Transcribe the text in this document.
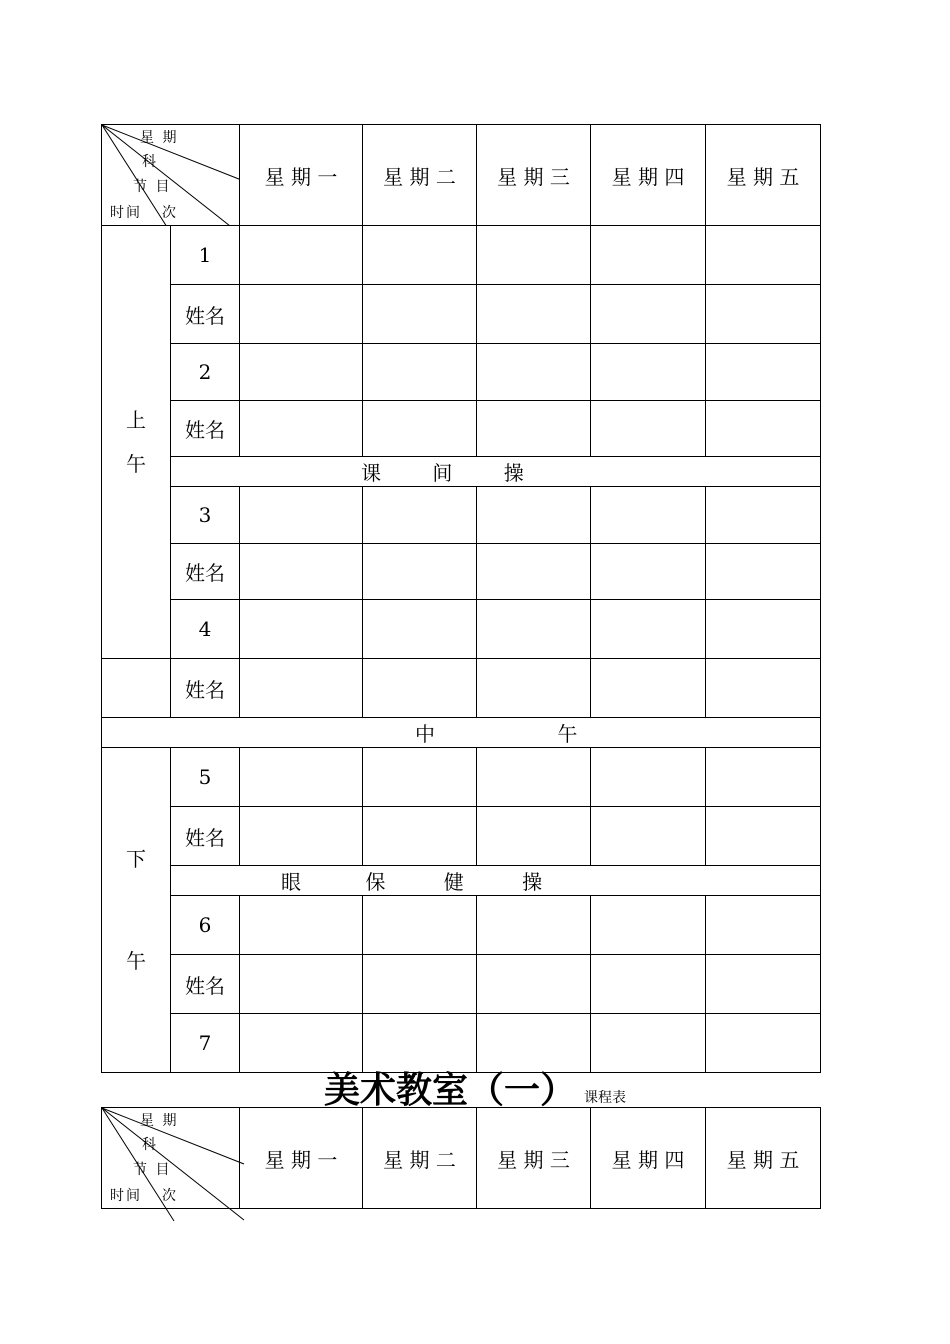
星 期
科
节 目
时间 次		星 期 一	星 期 二	星 期 三	星 期 四	星 期 五
上

午	1					
	姓名					
	2					
	姓名					
	课 间 操					
	3					
	姓名					
	4					
	姓名					
中 午						

下
午	5					
	姓名					
	眼 保 健 操					
	6					
	姓名					
	7					
美术教室（一） 课程表
星 期
科
节 目
时间 次
	星 期 一	星 期 二	星 期 三	星 期 四	星 期 五
